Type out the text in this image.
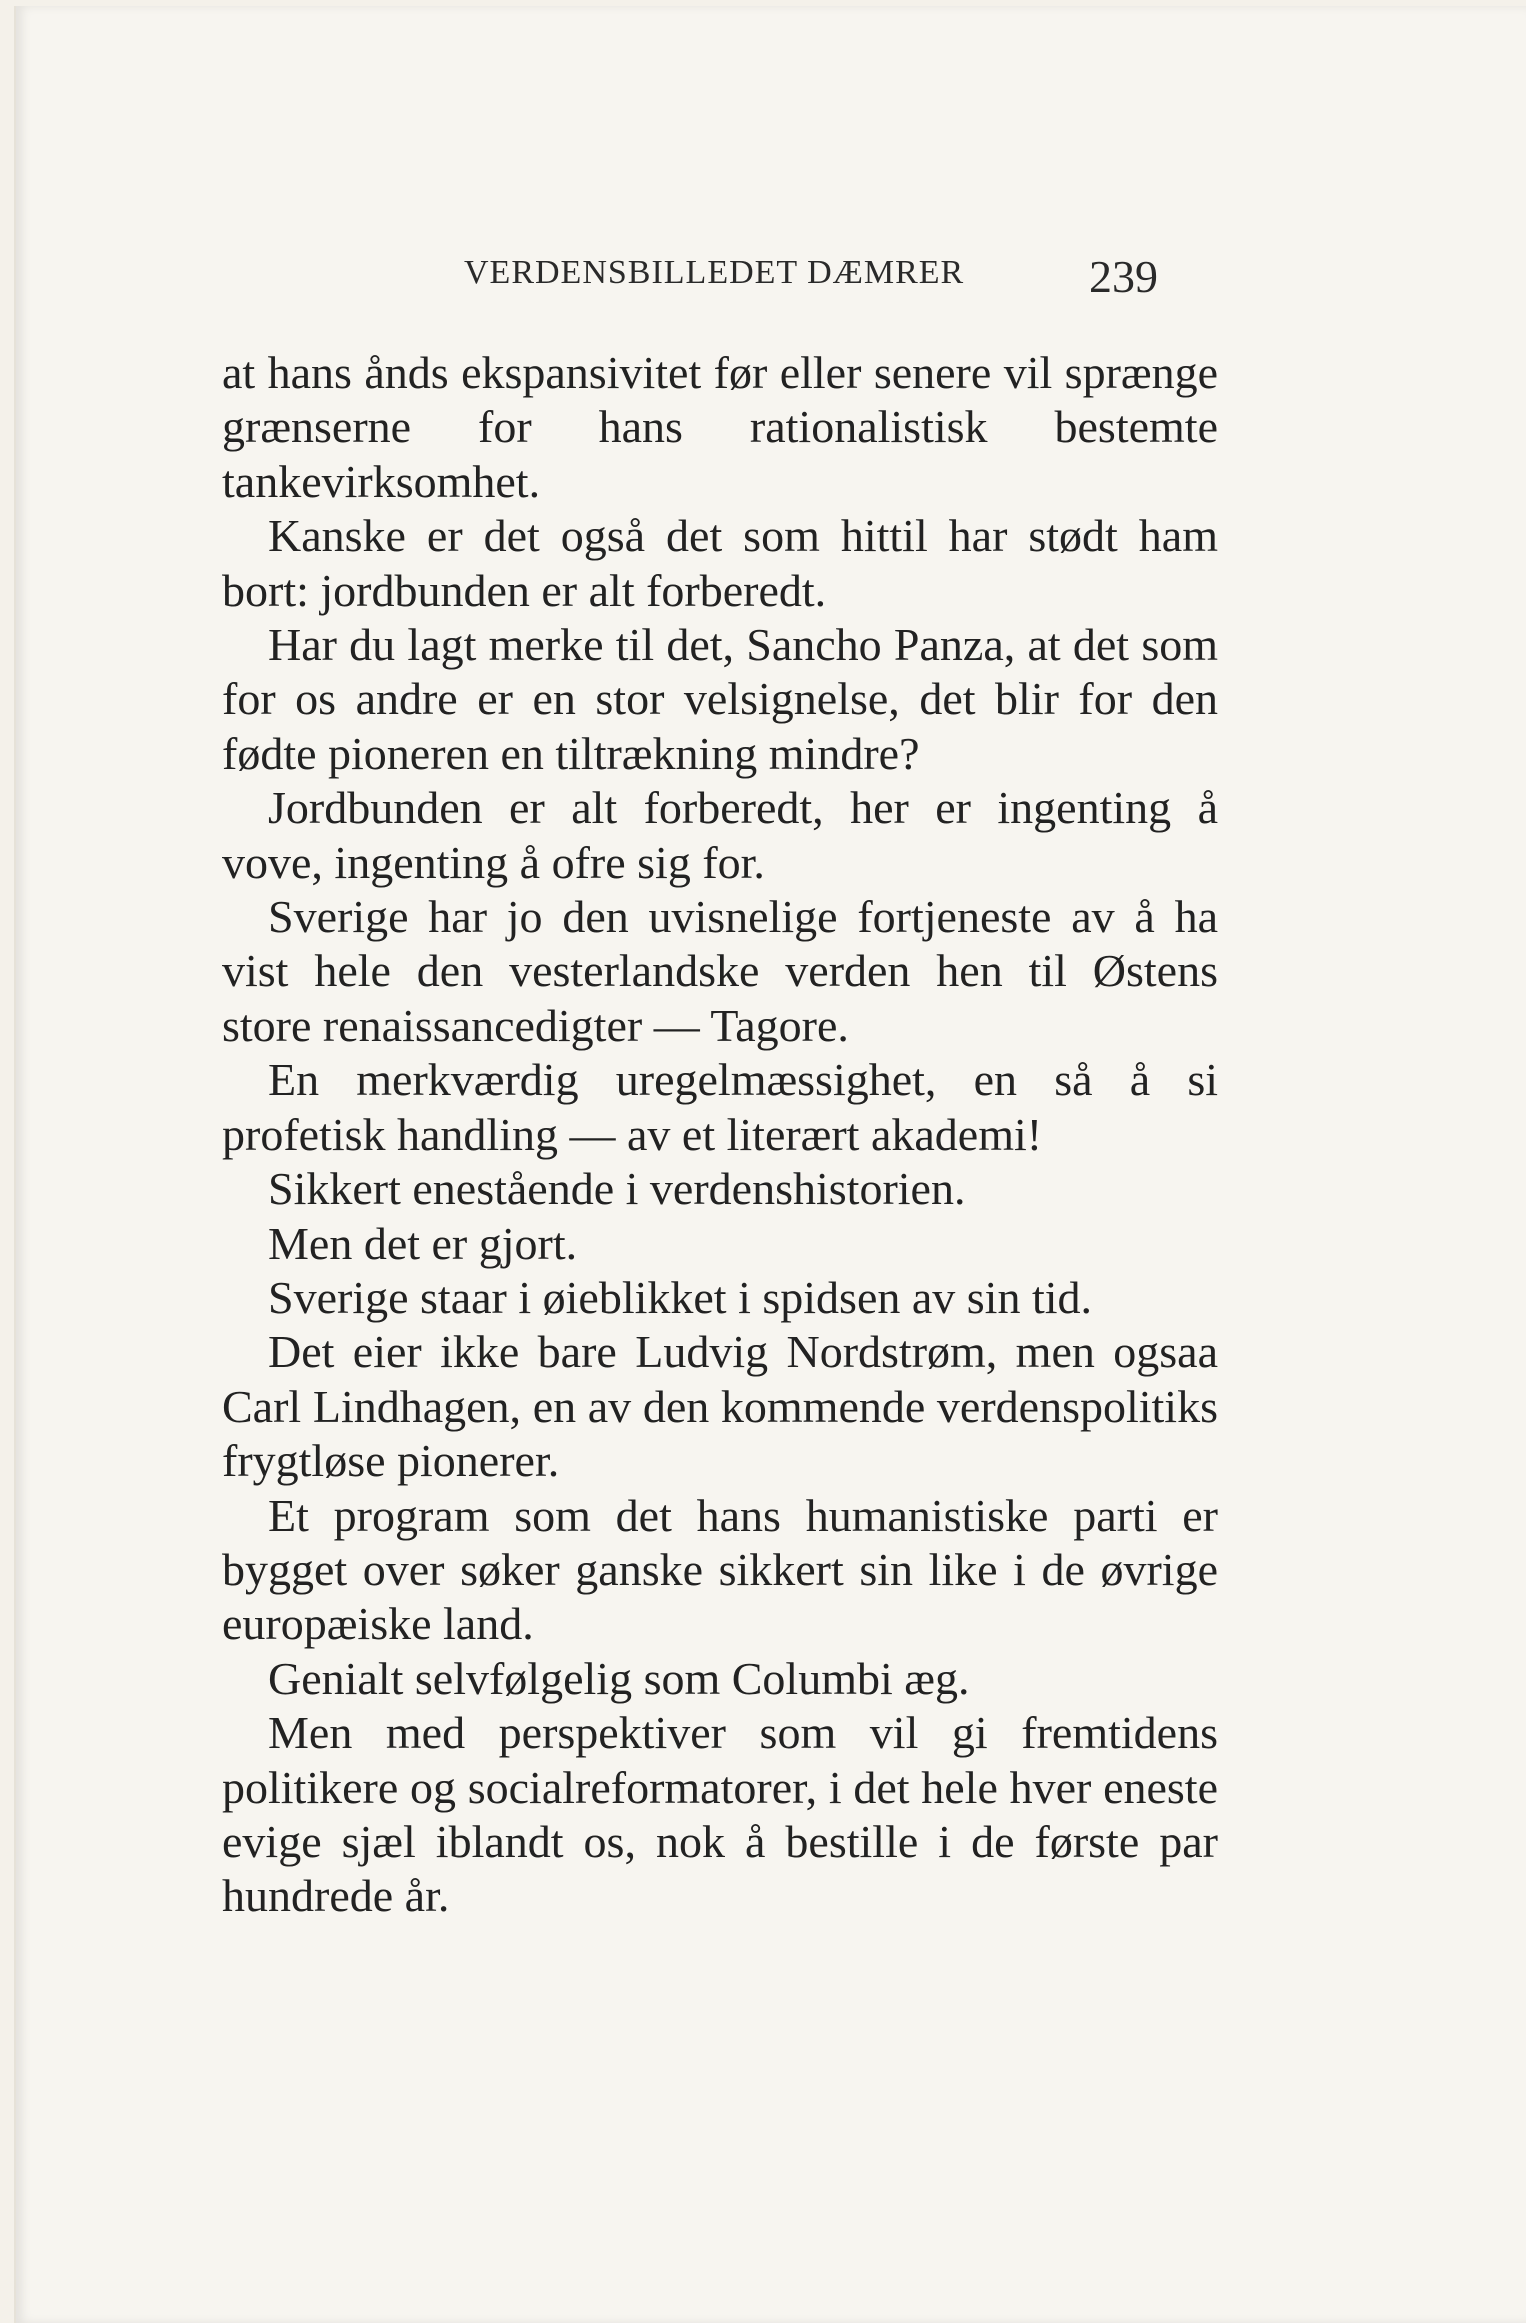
VERDENSBILLEDET DÆMRER	239

at hans ånds ekspansivitet før eller senere vil sprænge grænserne for hans rationalistisk bestemte tankevirksomhet.

Kanske er det også det som hittil har stødt ham bort: jordbunden er alt forberedt.

Har du lagt merke til det, Sancho Panza, at det som for os andre er en stor velsignelse, det blir for den fødte pioneren en tiltrækning mindre?

Jordbunden er alt forberedt, her er ingenting å vove, ingenting å ofre sig for.

Sverige har jo den uvisnelige fortjeneste av å ha vist hele den vesterlandske verden hen til Østens store renaissancedigter — Tagore.

En merkværdig uregelmæssighet, en så å si profetisk handling — av et literært akademi!

Sikkert enestående i verdenshistorien.

Men det er gjort.

Sverige staar i øieblikket i spidsen av sin tid.

Det eier ikke bare Ludvig Nordstrøm, men ogsaa Carl Lindhagen, en av den kommende verdenspolitiks frygtløse pionerer.

Et program som det hans humanistiske parti er bygget over søker ganske sikkert sin like i de øvrige europæiske land.

Genialt selvfølgelig som Columbi æg.

Men med perspektiver som vil gi fremtidens politikere og socialreformatorer, i det hele hver eneste evige sjæl iblandt os, nok å bestille i de første par hundrede år.
